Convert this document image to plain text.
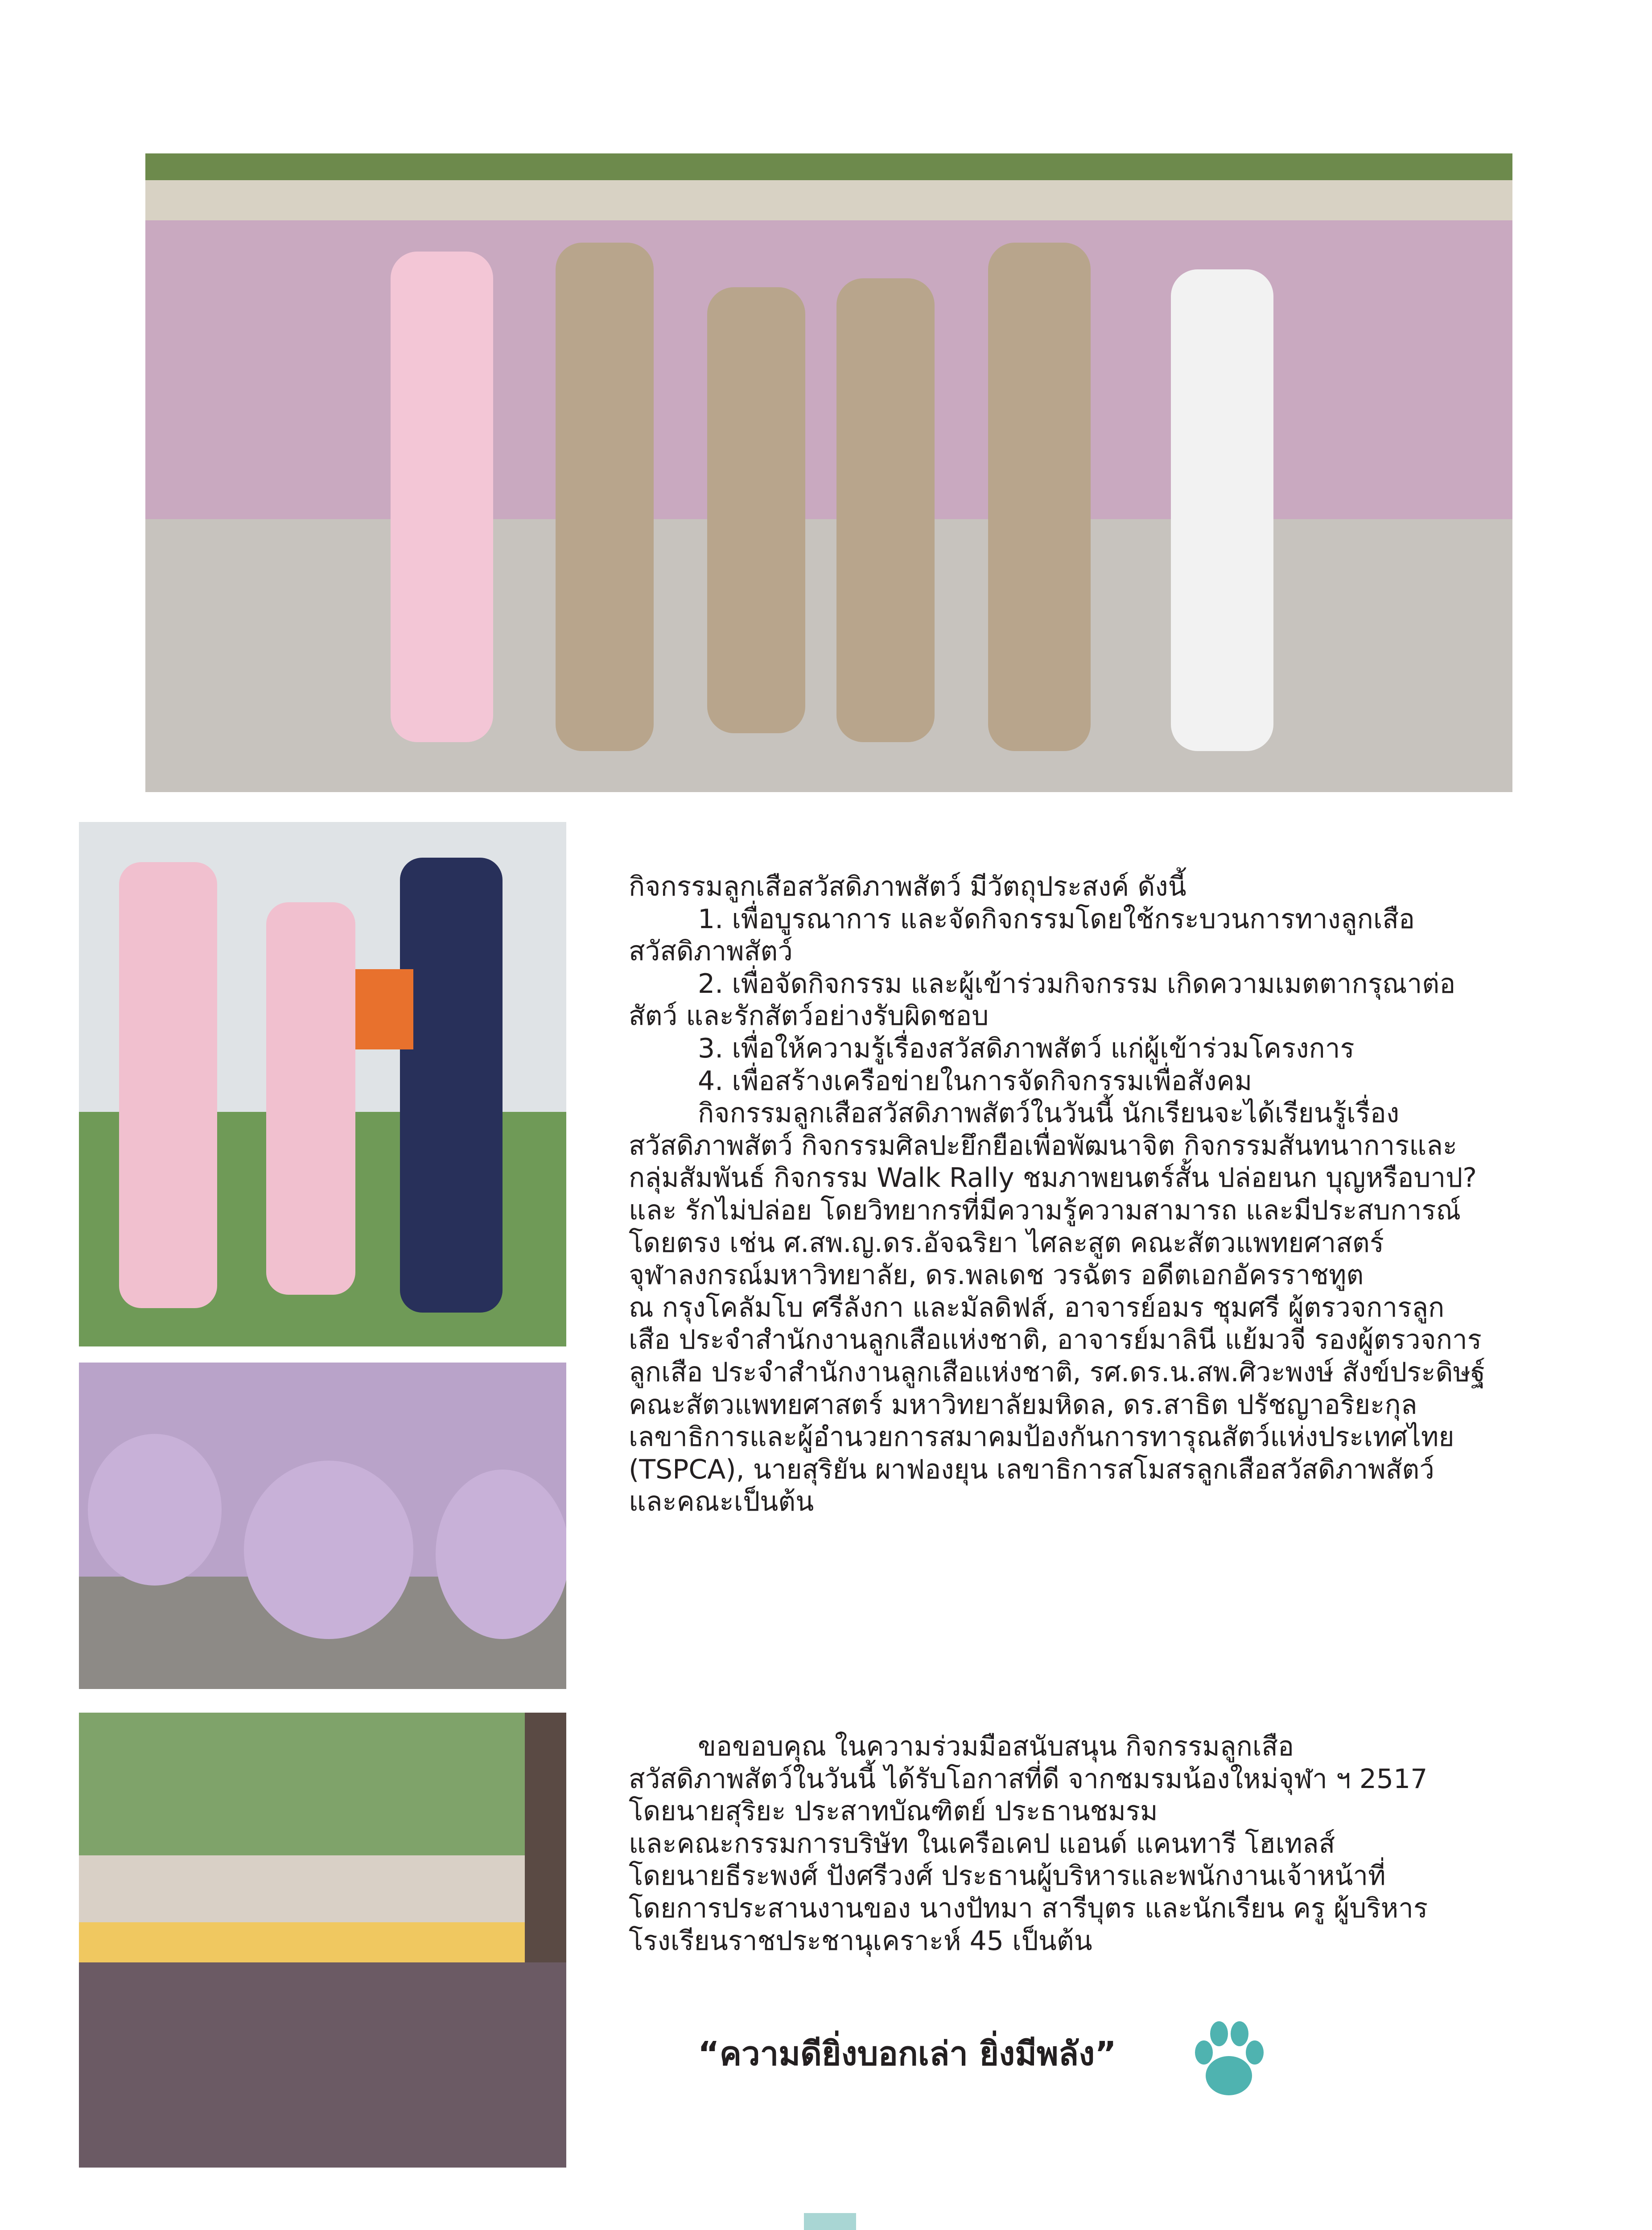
กิจกรรมลูกเสือสวัสดิภาพสัตว์ มีวัตถุประสงค์ ดังนี้

1. เพื่อบูรณาการ และจัดกิจกรรมโดยใช้กระบวนการทางลูกเสือ

สวัสดิภาพสัตว์

2. เพื่อจัดกิจกรรม และผู้เข้าร่วมกิจกรรม เกิดความเมตตากรุณาต่อ

สัตว์ และรักสัตว์อย่างรับผิดชอบ

3. เพื่อให้ความรู้เรื่องสวัสดิภาพสัตว์ แก่ผู้เข้าร่วมโครงการ

4. เพื่อสร้างเครือข่ายในการจัดกิจกรรมเพื่อสังคม

กิจกรรมลูกเสือสวัสดิภาพสัตว์ในวันนี้ นักเรียนจะได้เรียนรู้เรื่อง

สวัสดิภาพสัตว์ กิจกรรมศิลปะยึกยือเพื่อพัฒนาจิต กิจกรรมสันทนาการและ

กลุ่มสัมพันธ์ กิจกรรม Walk Rally ชมภาพยนตร์สั้น ปล่อยนก บุญหรือบาป?

และ รักไม่ปล่อย โดยวิทยากรที่มีความรู้ความสามารถ และมีประสบการณ์

โดยตรง เช่น ศ.สพ.ญ.ดร.อัจฉริยา ไศละสูต คณะสัตวแพทยศาสตร์

จุฬาลงกรณ์มหาวิทยาลัย, ดร.พลเดช วรฉัตร อดีตเอกอัครราชทูต

ณ กรุงโคลัมโบ ศรีลังกา และมัลดิฟส์, อาจารย์อมร ชุมศรี ผู้ตรวจการลูก

เสือ ประจำสำนักงานลูกเสือแห่งชาติ, อาจารย์มาลินี แย้มวจี รองผู้ตรวจการ

ลูกเสือ ประจำสำนักงานลูกเสือแห่งชาติ, รศ.ดร.น.สพ.ศิวะพงษ์ สังข์ประดิษฐ์

คณะสัตวแพทยศาสตร์ มหาวิทยาลัยมหิดล, ดร.สาธิต ปรัชญาอริยะกุล

เลขาธิการและผู้อำนวยการสมาคมป้องกันการทารุณสัตว์แห่งประเทศไทย

(TSPCA), นายสุริยัน ผาฟองยุน เลขาธิการสโมสรลูกเสือสวัสดิภาพสัตว์

และคณะเป็นต้น

ขอขอบคุณ ในความร่วมมือสนับสนุน กิจกรรมลูกเสือ

สวัสดิภาพสัตว์ในวันนี้ ได้รับโอกาสที่ดี จากชมรมน้องใหม่จุฬา ฯ 2517

โดยนายสุริยะ ประสาทบัณฑิตย์ ประธานชมรม

และคณะกรรมการบริษัท ในเครือเคป แอนด์ แคนทารี โฮเทลส์

โดยนายธีระพงศ์ ปังศรีวงศ์ ประธานผู้บริหารและพนักงานเจ้าหน้าที่

โดยการประสานงานของ นางปัทมา สารีบุตร และนักเรียน ครู ผู้บริหาร

โรงเรียนราชประชานุเคราะห์ 45 เป็นต้น

“ความดียิ่งบอกเล่า ยิ่งมีพลัง”
